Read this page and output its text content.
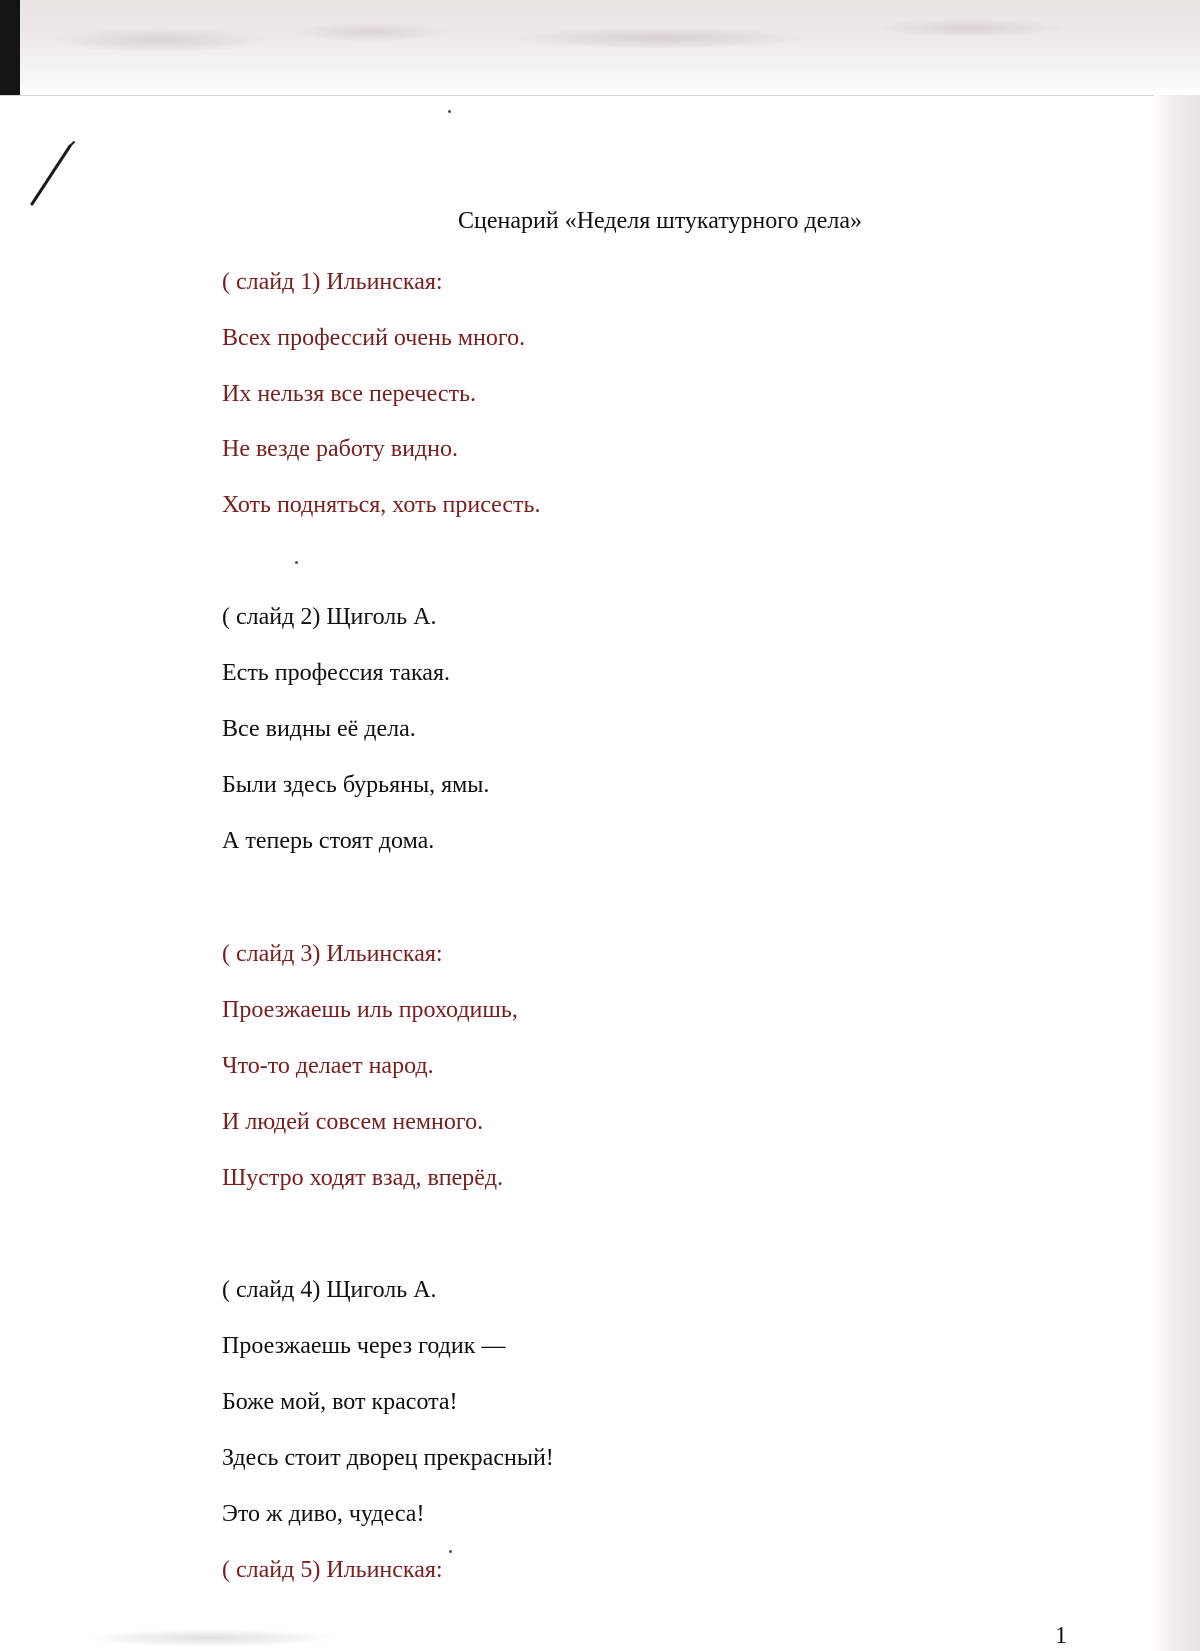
Сценарий «Неделя штукатурного дела»
( слайд 1) Ильинская:
Всех профессий очень много.
Их нельзя все перечесть.
Не везде работу видно.
Хоть подняться, хоть присесть.
( слайд 2) Щиголь А.
Есть профессия такая.
Все видны её дела.
Были здесь бурьяны, ямы.
А теперь стоят дома.
( слайд 3) Ильинская:
Проезжаешь иль проходишь,
Что-то делает народ.
И людей совсем немного.
Шустро ходят взад, вперёд.
( слайд 4) Щиголь А.
Проезжаешь через годик —
Боже мой, вот красота!
Здесь стоит дворец прекрасный!
Это ж диво, чудеса!
( слайд 5) Ильинская:
1
